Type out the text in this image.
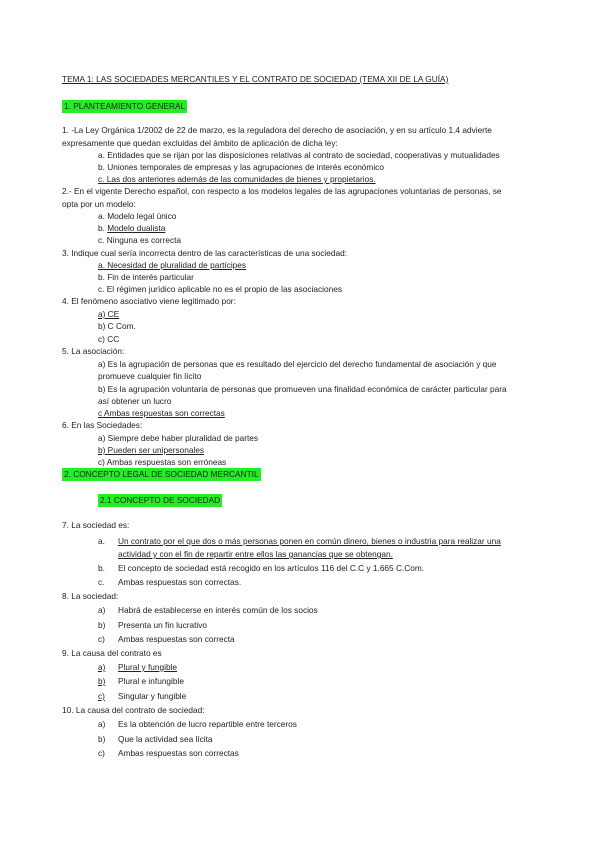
TEMA 1: LAS SOCIEDADES MERCANTILES Y EL CONTRATO DE SOCIEDAD (TEMA XII DE LA GUÍA)
1. PLANTEAMIENTO GENERAL
1. -La Ley Orgánica 1/2002 de 22 de marzo, es la reguladora del derecho de asociación, y en su artículo 1.4 advierte
expresamente que quedan excluidas del ámbito de aplicación de dicha ley:
a. Entidades que se rijan por las disposiciones relativas al contrato de sociedad, cooperativas y mutualidades
b. Uniones temporales de empresas y las agrupaciones de interés económico
c. Las dos anteriores además de las comunidades de bienes y propietarios.
2.- En el vigente Derecho español, con respecto a los modelos legales de las agrupaciones voluntarias de personas, se
opta por un modelo:
a. Modelo legal único
b. Modelo dualista
c. Ninguna es correcta
3. Indique cual sería incorrecta dentro de las características de una sociedad:
a. Necesidad de pluralidad de partícipes
b. Fin de interés particular
c. El régimen jurídico aplicable no es el propio de las asociaciones
4. El fenómeno asociativo viene legitimado por:
a) CE
b) C Com.
c) CC
5. La asociación:
a) Es la agrupación de personas que es resultado del ejercicio del derecho fundamental de asociación y que
promueve cualquier fin lícito
b) Es la agrupación voluntaria de personas que promueven una finalidad económica de carácter particular para
así obtener un lucro
c Ambas respuestas son correctas
6. En las Sociedades:
a) Siempre debe haber pluralidad de partes
b) Pueden ser unipersonales
c) Ambas respuestas son erróneas
2. CONCEPTO LEGAL DE SOCIEDAD MERCANTIL
2.1 CONCEPTO DE SOCIEDAD
7. La sociedad es:
a. Un contrato por el que dos o más personas ponen en común dinero, bienes o industria para realizar una
actividad y con el fin de repartir entre ellos las ganancias que se obtengan.
b. El concepto de sociedad está recogido en los artículos 116 del C.C y 1.665 C.Com.
c. Ambas respuestas son correctas.
8. La sociedad:
a) Habrá de establecerse en interés común de los socios
b) Presenta un fin lucrativo
c) Ambas respuestas son correcta
9. La causa del contrato es
a) Plural y fungible
b) Plural e infungible
c) Singular y fungible
10. La causa del contrato de sociedad:
a) Es la obtención de lucro repartible entre terceros
b) Que la actividad sea lícita
c) Ambas respuestas son correctas
